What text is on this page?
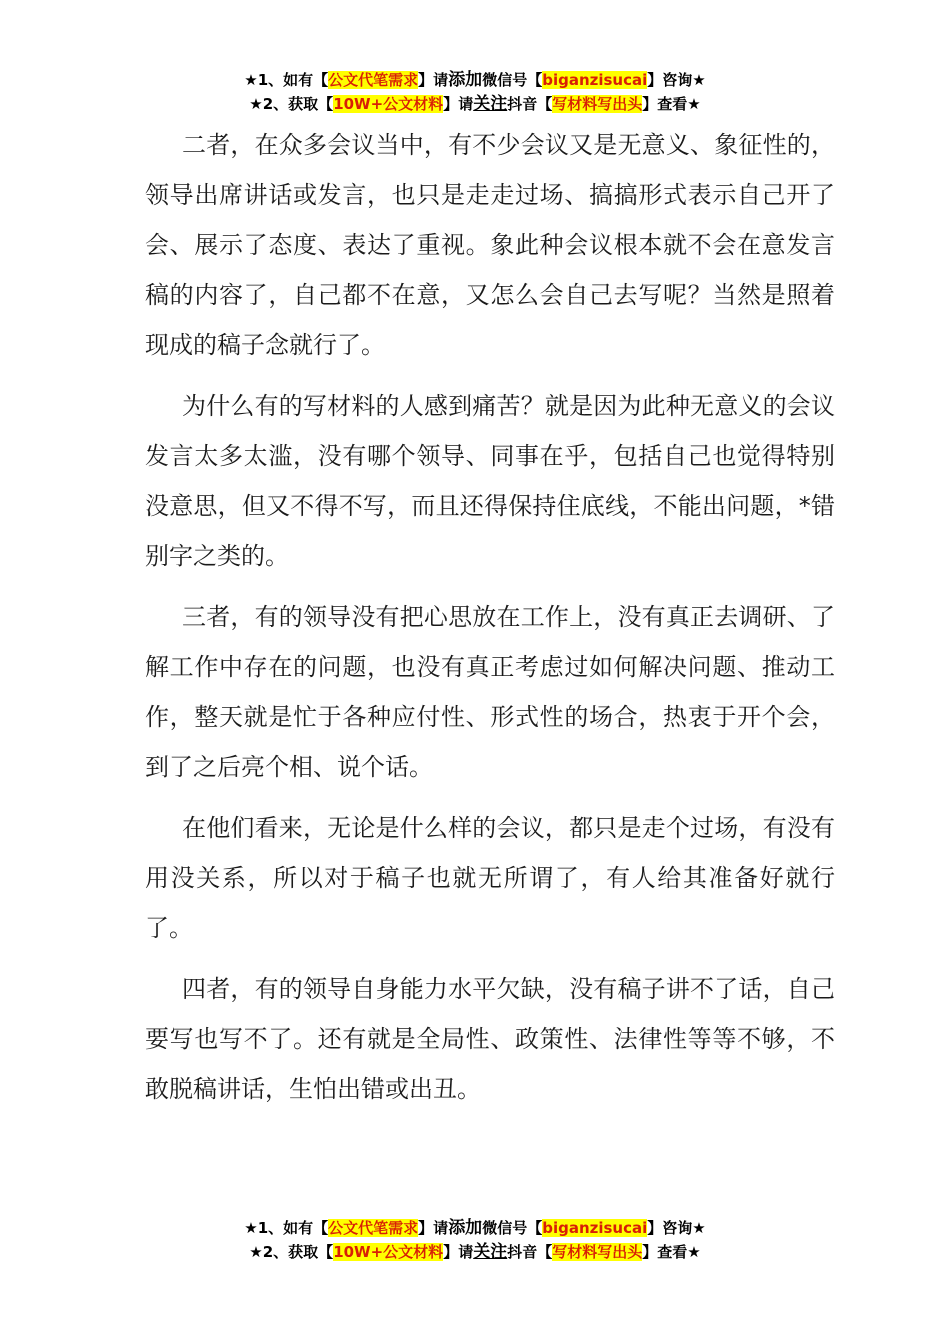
★1、如有【公文代笔需求】请添加微信号【biganzisucai】咨询★
★2、获取【10W+公文材料】请关注抖音【写材料写出头】查看★

二者，在众多会议当中，有不少会议又是无意义、象征性的，领导出席讲话或发言，也只是走走过场、搞搞形式表示自己开了会、展示了态度、表达了重视。象此种会议根本就不会在意发言稿的内容了，自己都不在意，又怎么会自己去写呢？当然是照着现成的稿子念就行了。

为什么有的写材料的人感到痛苦？就是因为此种无意义的会议发言太多太滥，没有哪个领导、同事在乎，包括自己也觉得特别没意思，但又不得不写，而且还得保持住底线，不能出问题，*错别字之类的。

三者，有的领导没有把心思放在工作上，没有真正去调研、了解工作中存在的问题，也没有真正考虑过如何解决问题、推动工作，整天就是忙于各种应付性、形式性的场合，热衷于开个会，到了之后亮个相、说个话。

在他们看来，无论是什么样的会议，都只是走个过场，有没有用没关系，所以对于稿子也就无所谓了，有人给其准备好就行了。

四者，有的领导自身能力水平欠缺，没有稿子讲不了话，自己要写也写不了。还有就是全局性、政策性、法律性等等不够，不敢脱稿讲话，生怕出错或出丑。

★1、如有【公文代笔需求】请添加微信号【biganzisucai】咨询★
★2、获取【10W+公文材料】请关注抖音【写材料写出头】查看★
